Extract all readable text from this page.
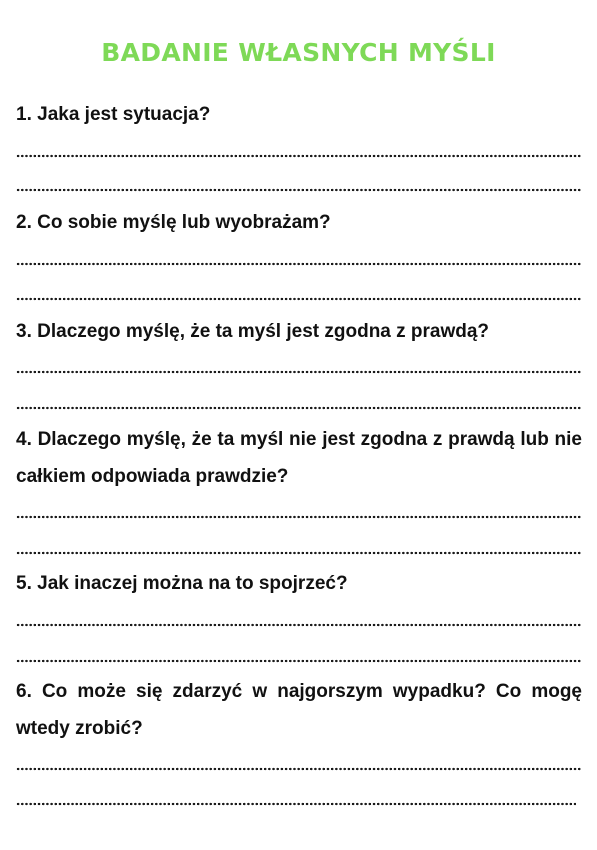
BADANIE WŁASNYCH MYŚLI
1. Jaka jest sytuacja?
2. Co sobie myślę lub wyobrażam?
3. Dlaczego myślę, że ta myśl jest zgodna z prawdą?
4. Dlaczego myślę, że ta myśl nie jest zgodna z prawdą lub nie całkiem odpowiada prawdzie?
5. Jak inaczej można na to spojrzeć?
6. Co może się zdarzyć w najgorszym wypadku? Co mogę wtedy zrobić?
